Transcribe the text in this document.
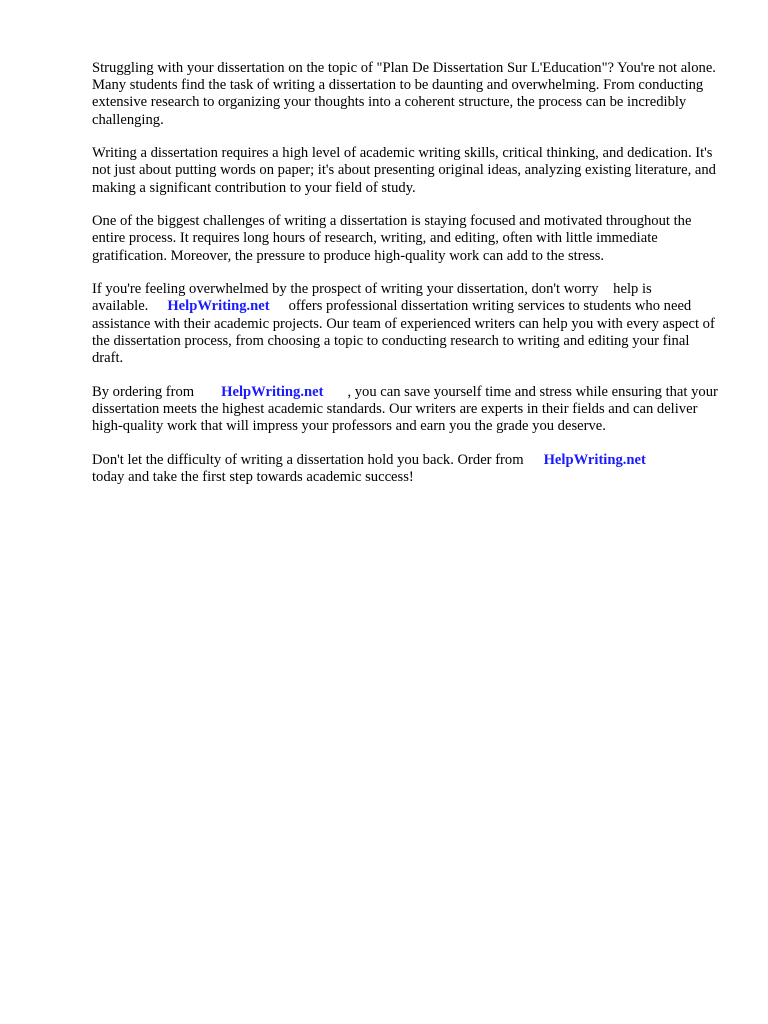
Struggling with your dissertation on the topic of "Plan De Dissertation Sur L'Education"? You're not alone. Many students find the task of writing a dissertation to be daunting and overwhelming. From conducting extensive research to organizing your thoughts into a coherent structure, the process can be incredibly challenging.

Writing a dissertation requires a high level of academic writing skills, critical thinking, and dedication. It's not just about putting words on paper; it's about presenting original ideas, analyzing existing literature, and making a significant contribution to your field of study.

One of the biggest challenges of writing a dissertation is staying focused and motivated throughout the entire process. It requires long hours of research, writing, and editing, often with little immediate gratification. Moreover, the pressure to produce high-quality work can add to the stress.

If you're feeling overwhelmed by the prospect of writing your dissertation, don't worry    help is available. HelpWriting.net offers professional dissertation writing services to students who need assistance with their academic projects. Our team of experienced writers can help you with every aspect of the dissertation process, from choosing a topic to conducting research to writing and editing your final draft.

By ordering from HelpWriting.net , you can save yourself time and stress while ensuring that your dissertation meets the highest academic standards. Our writers are experts in their fields and can deliver high-quality work that will impress your professors and earn you the grade you deserve.

Don't let the difficulty of writing a dissertation hold you back. Order from HelpWriting.net
today and take the first step towards academic success!
